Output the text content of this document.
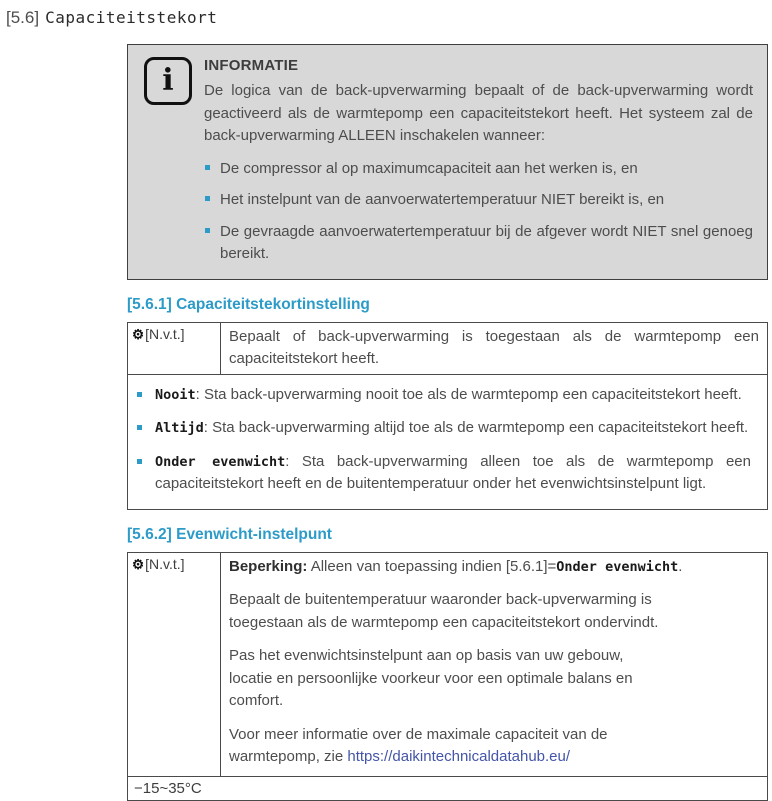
[5.6] Capaciteitstekort
i INFORMATIE

De logica van de back-upverwarming bepaalt of de back-upverwarming wordt geactiveerd als de warmtepomp een capaciteitstekort heeft. Het systeem zal de back-upverwarming ALLEEN inschakelen wanneer:

De compressor al op maximumcapaciteit aan het werken is, en
Het instelpunt van de aanvoerwatertemperatuur NIET bereikt is, en
De gevraagde aanvoerwatertemperatuur bij de afgever wordt NIET snel genoeg bereikt.
[5.6.1] Capaciteitstekortinstelling
⚙[N.v.t.]	Bepaalt of back-upverwarming is toegestaan als de warmtepomp een capaciteitstekort heeft.

Nooit: Sta back-upverwarming nooit toe als de warmtepomp een capaciteitstekort heeft.
Altijd: Sta back-upverwarming altijd toe als de warmtepomp een capaciteitstekort heeft.
Onder evenwicht: Sta back-upverwarming alleen toe als de warmtepomp een capaciteitstekort heeft en de buitentemperatuur onder het evenwichtsinstelpunt ligt.
[5.6.2] Evenwicht-instelpunt
⚙[N.v.t.]	Beperking: Alleen van toepassing indien [5.6.1]=Onder evenwicht.

Bepaalt de buitentemperatuur waaronder back-upverwarming is toegestaan als de warmtepomp een capaciteitstekort ondervindt.

Pas het evenwichtsinstelpunt aan op basis van uw gebouw, locatie en persoonlijke voorkeur voor een optimale balans en comfort.

Voor meer informatie over de maximale capaciteit van de warmtepomp, zie https://daikintechnicaldatahub.eu/

−15~35°C
